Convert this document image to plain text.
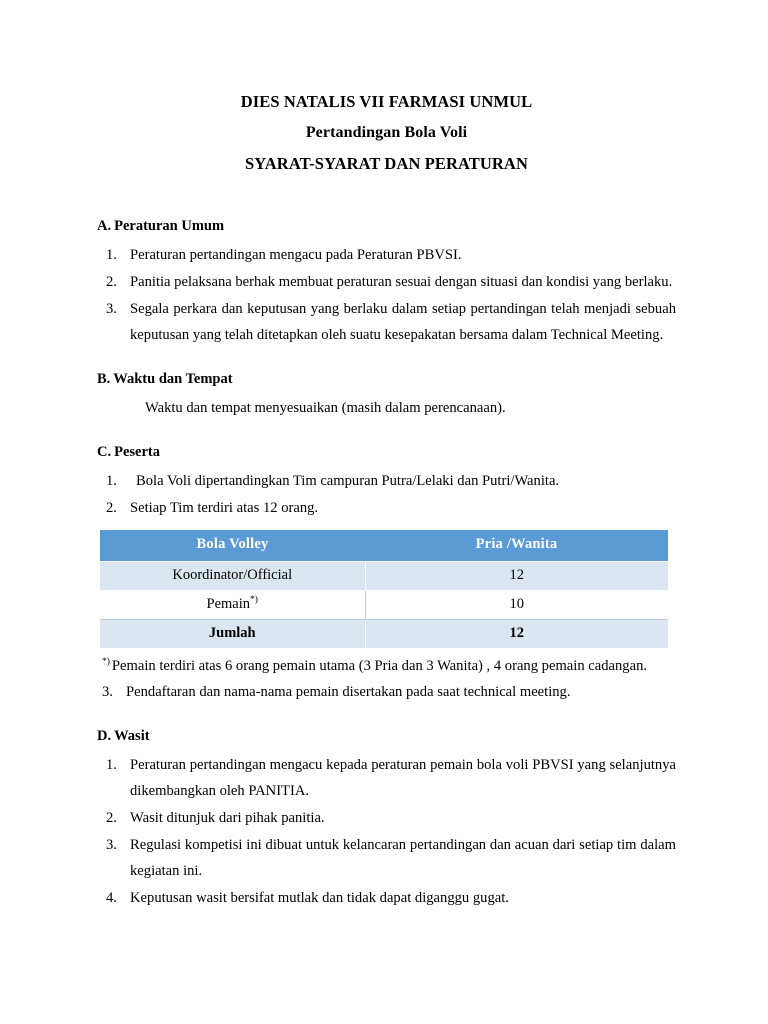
DIES NATALIS VII FARMASI UNMUL
Pertandingan Bola Voli
SYARAT-SYARAT DAN PERATURAN
A. Peraturan Umum
1. Peraturan pertandingan mengacu pada Peraturan PBVSI.
2. Panitia pelaksana berhak membuat peraturan sesuai dengan situasi dan kondisi yang berlaku.
3. Segala perkara dan keputusan yang berlaku dalam setiap pertandingan telah menjadi sebuah keputusan yang telah ditetapkan oleh suatu kesepakatan bersama dalam Technical Meeting.
B. Waktu dan Tempat

Waktu dan tempat menyesuaikan (masih dalam perencanaan).

C. Peserta
1.	Bola Voli dipertandingkan Tim campuran Putra/Lelaki dan Putri/Wanita.
2. Setiap Tim terdiri atas 12 orang.
Bola Volley	Pria /Wanita
Koordinator/Official	12
Pemain*)	10
Jumlah	12

*) Pemain terdiri atas 6 orang pemain utama (3 Pria dan 3 Wanita) , 4 orang pemain cadangan.

3. Pendaftaran dan nama-nama pemain disertakan pada saat technical meeting.
D. Wasit
1. Peraturan pertandingan mengacu kepada peraturan pemain bola voli PBVSI yang selanjutnya dikembangkan oleh PANITIA.
2. Wasit ditunjuk dari pihak panitia.
3. Regulasi kompetisi ini dibuat untuk kelancaran pertandingan dan acuan dari setiap tim dalam kegiatan ini.
4. Keputusan wasit bersifat mutlak dan tidak dapat diganggu gugat.
